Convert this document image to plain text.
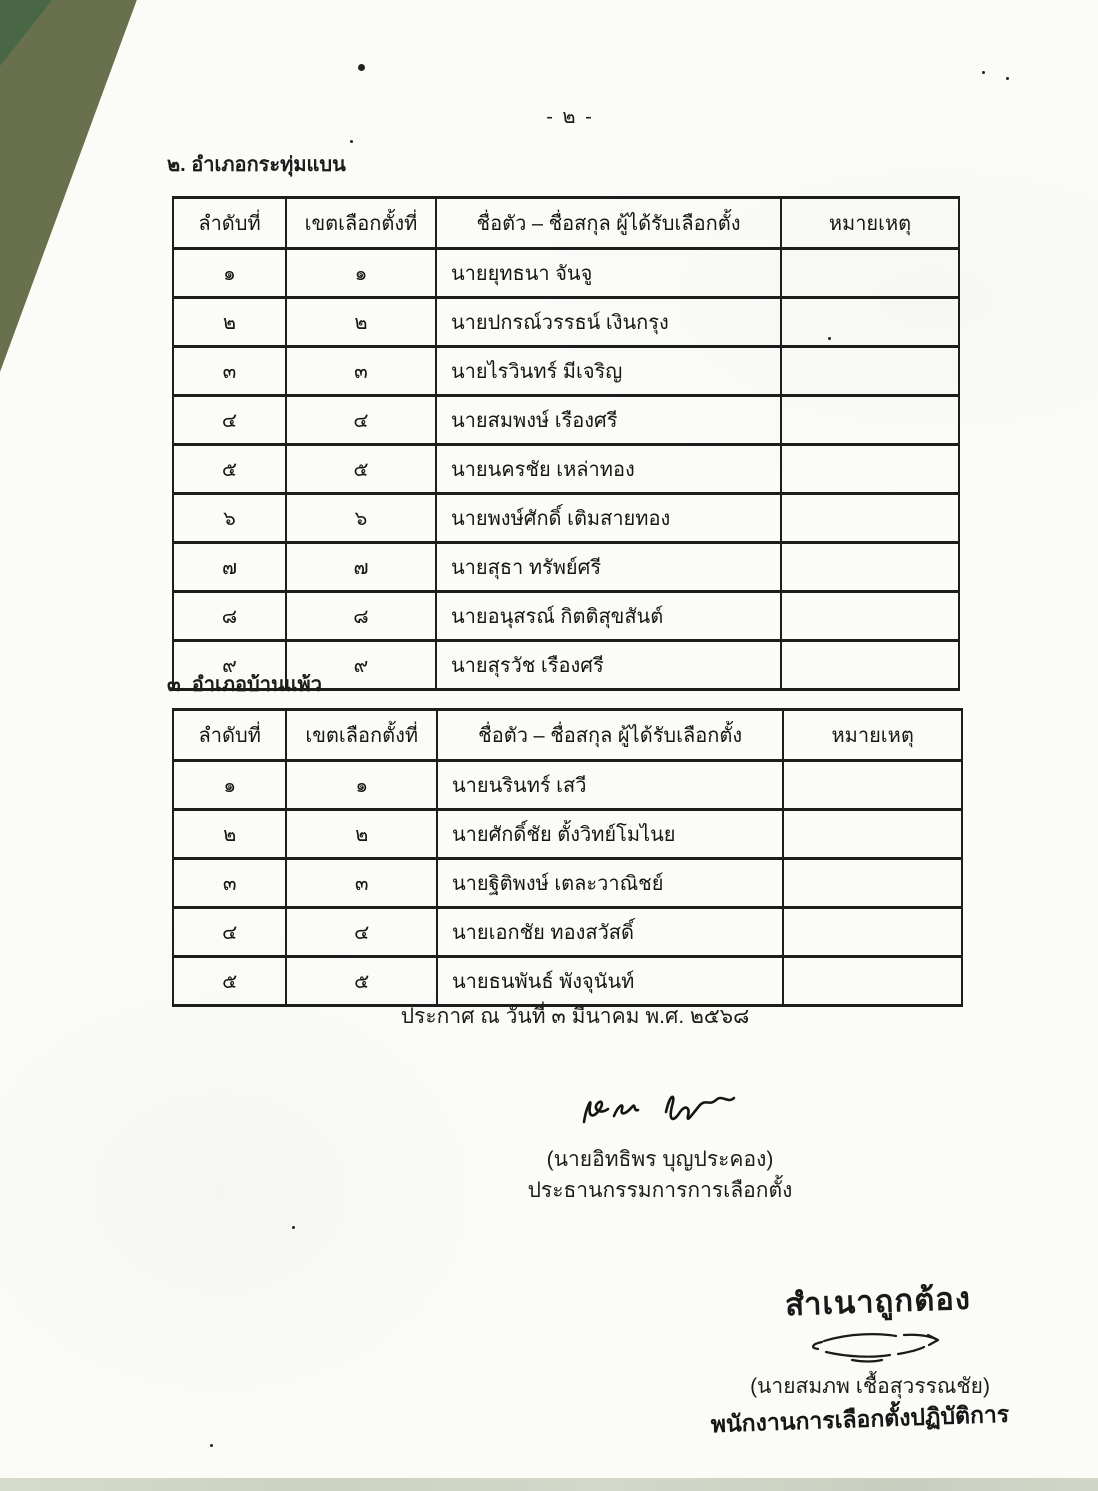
- ๒ -
๒. อำเภอกระทุ่มแบน
ลำดับที่	เขตเลือกตั้งที่	ชื่อตัว – ชื่อสกุล ผู้ได้รับเลือกตั้ง	หมายเหตุ
๑	๑	นายยุทธนา จันจู	
๒	๒	นายปกรณ์วรรธน์ เงินกรุง	
๓	๓	นายไรวินทร์ มีเจริญ	
๔	๔	นายสมพงษ์ เรืองศรี	
๕	๕	นายนครชัย เหล่าทอง	
๖	๖	นายพงษ์ศักดิ์ เติมสายทอง	
๗	๗	นายสุธา ทรัพย์ศรี	
๘	๘	นายอนุสรณ์ กิตติสุขสันต์	
๙	๙	นายสุรวัช เรืองศรี	
๓. อำเภอบ้านแพ้ว
ลำดับที่	เขตเลือกตั้งที่	ชื่อตัว – ชื่อสกุล ผู้ได้รับเลือกตั้ง	หมายเหตุ
๑	๑	นายนรินทร์ เสวี	
๒	๒	นายศักดิ์ชัย ตั้งวิทย์โมไนย	
๓	๓	นายฐิติพงษ์ เตละวาณิชย์	
๔	๔	นายเอกชัย ทองสวัสดิ์	
๕	๕	นายธนพันธ์ พังจุนันท์	
ประกาศ ณ วันที่ ๓ มีนาคม พ.ศ. ๒๕๖๘
(นายอิทธิพร บุญประคอง)
ประธานกรรมการการเลือกตั้ง
สำเนาถูกต้อง
(นายสมภพ เชื้อสุวรรณชัย)
พนักงานการเลือกตั้งปฏิบัติการ
